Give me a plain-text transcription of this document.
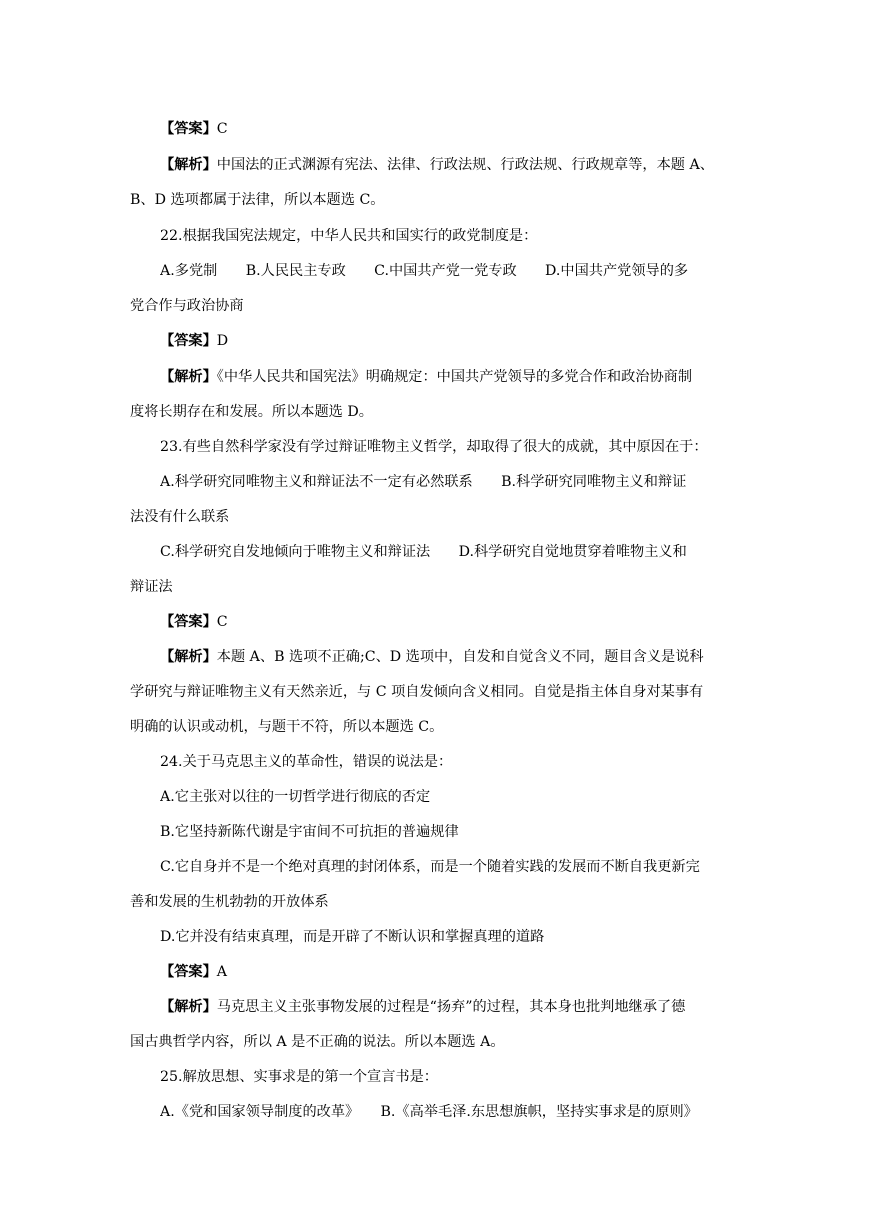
【答案】C
【解析】中国法的正式渊源有宪法、法律、行政法规、行政法规、行政规章等，本题 A、
B、D 选项都属于法律，所以本题选 C。
22.根据我国宪法规定，中华人民共和国实行的政党制度是：
A.多党制　　B.人民民主专政　　C.中国共产党一党专政　　D.中国共产党领导的多
党合作与政治协商
【答案】D
【解析】《中华人民共和国宪法》明确规定：中国共产党领导的多党合作和政治协商制
度将长期存在和发展。所以本题选 D。
23.有些自然科学家没有学过辩证唯物主义哲学，却取得了很大的成就，其中原因在于：
A.科学研究同唯物主义和辩证法不一定有必然联系　　B.科学研究同唯物主义和辩证
法没有什么联系
C.科学研究自发地倾向于唯物主义和辩证法　　D.科学研究自觉地贯穿着唯物主义和
辩证法
【答案】C
【解析】本题 A、B 选项不正确;C、D 选项中，自发和自觉含义不同，题目含义是说科
学研究与辩证唯物主义有天然亲近，与 C 项自发倾向含义相同。自觉是指主体自身对某事有
明确的认识或动机，与题干不符，所以本题选 C。
24.关于马克思主义的革命性，错误的说法是：
A.它主张对以往的一切哲学进行彻底的否定
B.它坚持新陈代谢是宇宙间不可抗拒的普遍规律
C.它自身并不是一个绝对真理的封闭体系，而是一个随着实践的发展而不断自我更新完
善和发展的生机勃勃的开放体系
D.它并没有结束真理，而是开辟了不断认识和掌握真理的道路
【答案】A
【解析】马克思主义主张事物发展的过程是“扬弃”的过程，其本身也批判地继承了德
国古典哲学内容，所以 A 是不正确的说法。所以本题选 A。
25.解放思想、实事求是的第一个宣言书是：
A.《党和国家领导制度的改革》　　B.《高举毛泽.东思想旗帜，坚持实事求是的原则》
